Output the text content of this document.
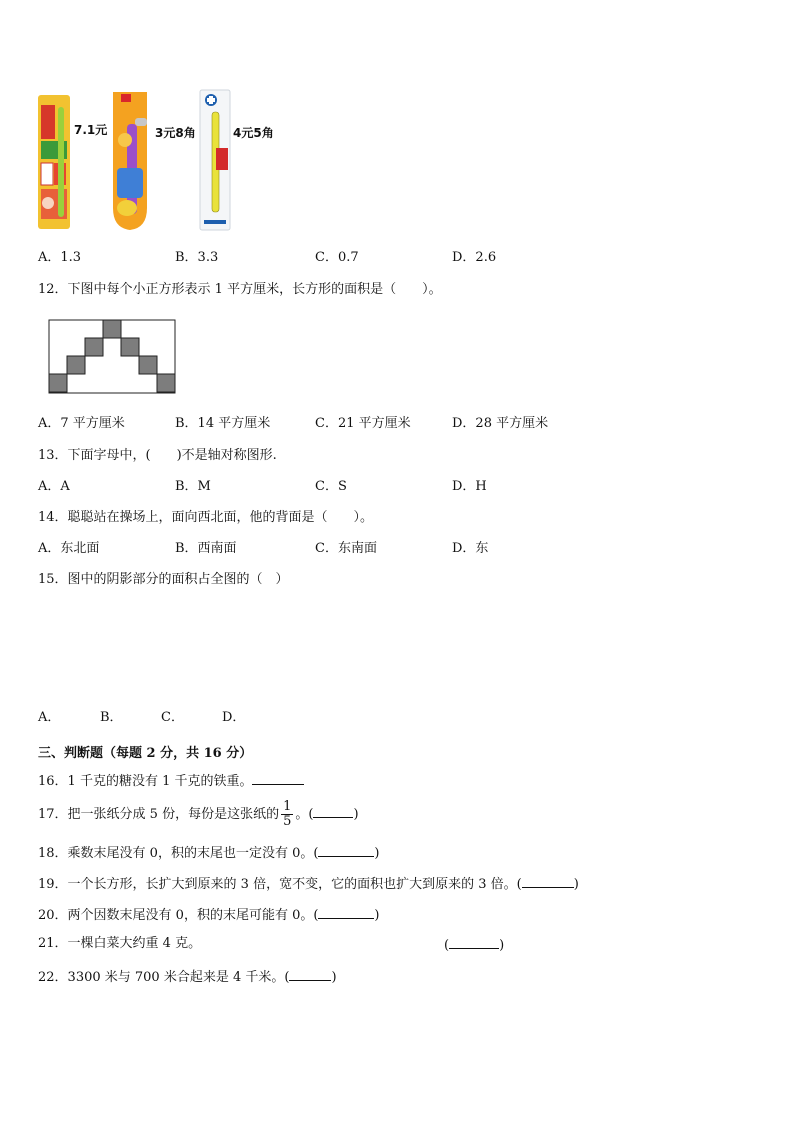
7.1元	3元8角	4元5角
A．1.3	B．3.3	C．0.7	D．2.6
12．下图中每个小正方形表示 1 平方厘米，长方形的面积是（　　）。
A．7 平方厘米	B．14 平方厘米	C．21 平方厘米	D．28 平方厘米
13．下面字母中，(　　)不是轴对称图形.
A．A	B．M	C．S	D．H
14．聪聪站在操场上，面向西北面，他的背面是（　　）。
A．东北面	B．西南面	C．东南面	D．东
15．图中的阴影部分的面积占全图的（　）
A．	B．	C．	D．
三、判断题（每题 2 分，共 16 分）
16．1 千克的糖没有 1 千克的铁重。
17．把一张纸分成 5 份，每份是这张纸的 $\frac{1}{5}$ 。(	)
18．乘数末尾没有 0，积的末尾也一定没有 0。(	)
19．一个长方形，长扩大到原来的 3 倍，宽不变，它的面积也扩大到原来的 3 倍。(	)
20．两个因数末尾没有 0，积的末尾可能有 0。(	)
21．一棵白菜大约重 4 克。	(	)
22．3300 米与 700 米合起来是 4 千米。(	)
